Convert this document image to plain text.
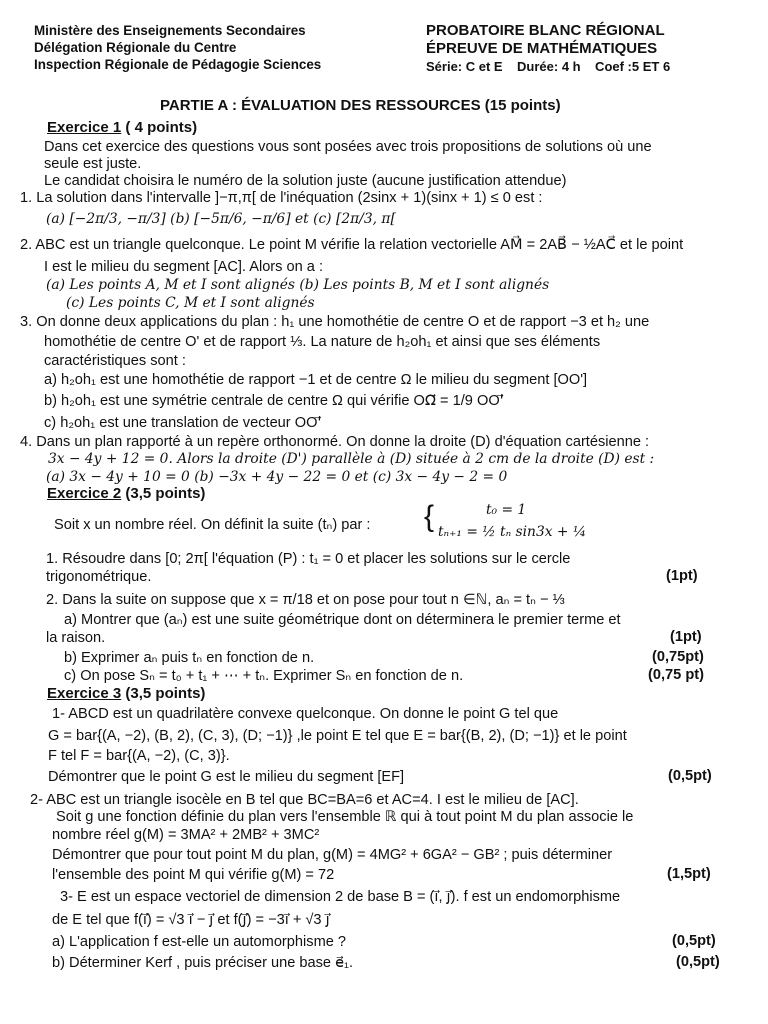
Ministère des Enseignements Secondaires
Délégation Régionale du Centre
Inspection Régionale de Pédagogie Sciences
PROBATOIRE BLANC RÉGIONAL
ÉPREUVE DE MATHÉMATIQUES
Série: C et E    Durée: 4 h    Coef :5 ET 6
PARTIE A : ÉVALUATION DES RESSOURCES (15 points)
Exercice 1 ( 4 points)
Dans cet exercice des questions vous sont posées avec trois propositions de solutions où une
seule est juste.
Le candidat choisira le numéro de la solution juste (aucune justification attendue)
1. La solution dans l'intervalle ]−π,π[ de l'inéquation (2sinx + 1)(sinx + 1) ≤ 0 est :
(a) [−2π/3, −π/3] (b) [−5π/6, −π/6] et (c) [2π/3, π[
2. ABC est un triangle quelconque. Le point M vérifie la relation vectorielle AM⃗ = 2AB⃗ − ½AC⃗ et le point
I est le milieu du segment [AC]. Alors on a :
(a) Les points A, M et I sont alignés (b) Les points B, M et I sont alignés
(c) Les points C, M et I sont alignés
3. On donne deux applications du plan : h₁ une homothétie de centre O et de rapport −3 et h₂ une
homothétie de centre O' et de rapport ⅓. La nature de h₂oh₁ et ainsi que ses éléments
caractéristiques sont :
a) h₂oh₁ est une homothétie de rapport −1 et de centre Ω le milieu du segment [OO']
b) h₂oh₁ est une symétrie centrale de centre Ω qui vérifie OΩ⃗ = 1/9 OO'⃗
c) h₂oh₁ est une translation de vecteur OO'⃗
4. Dans un plan rapporté à un repère orthonormé. On donne la droite (D) d'équation cartésienne :
3x − 4y + 12 = 0. Alors la droite (D') parallèle à (D) située à 2 cm de la droite (D) est :
(a) 3x − 4y + 10 = 0 (b) −3x + 4y − 22 = 0 et (c) 3x − 4y − 2 = 0
Exercice 2 (3,5 points)
Soit x un nombre réel. On définit la suite (tₙ) par : {	t₀ = 1
tₙ₊₁ = ½ tₙ sin3x + ¼
1. Résoudre dans [0; 2π[ l'équation (P) : t₁ = 0 et placer les solutions sur le cercle
trigonométrique.	(1pt)
2. Dans la suite on suppose que x = π/18 et on pose pour tout n ∈ℕ, aₙ = tₙ − ⅓
a) Montrer que (aₙ) est une suite géométrique dont on déterminera le premier terme et
la raison.	(1pt)
b) Exprimer aₙ puis tₙ en fonction de n.	(0,75pt)
c) On pose Sₙ = t₀ + t₁ + ⋯ + tₙ. Exprimer Sₙ en fonction de n.	(0,75 pt)
Exercice 3 (3,5 points)
1- ABCD est un quadrilatère convexe quelconque. On donne le point G tel que
G = bar{(A, −2), (B, 2), (C, 3), (D; −1)} ,le point E tel que E = bar{(B, 2), (D; −1)} et le point
F tel F = bar{(A, −2), (C, 3)}.
Démontrer que le point G est le milieu du segment [EF]	(0,5pt)
2- ABC est un triangle isocèle en B tel que BC=BA=6 et AC=4. I est le milieu de [AC].
Soit g une fonction définie du plan vers l'ensemble ℝ qui à tout point M du plan associe le
nombre réel g(M) = 3MA² + 2MB² + 3MC²
Démontrer que pour tout point M du plan, g(M) = 4MG² + 6GA² − GB² ; puis déterminer
l'ensemble des point M qui vérifie g(M) = 72	(1,5pt)
3- E est un espace vectoriel de dimension 2 de base B = (i⃗, j⃗). f est un endomorphisme
de E tel que f(i⃗) = √3 i⃗ − j⃗ et f(j⃗) = −3i⃗ + √3 j⃗
a) L'application f est-elle un automorphisme ?	(0,5pt)
b) Déterminer Kerf , puis préciser une base e⃗₁.	(0,5pt)
